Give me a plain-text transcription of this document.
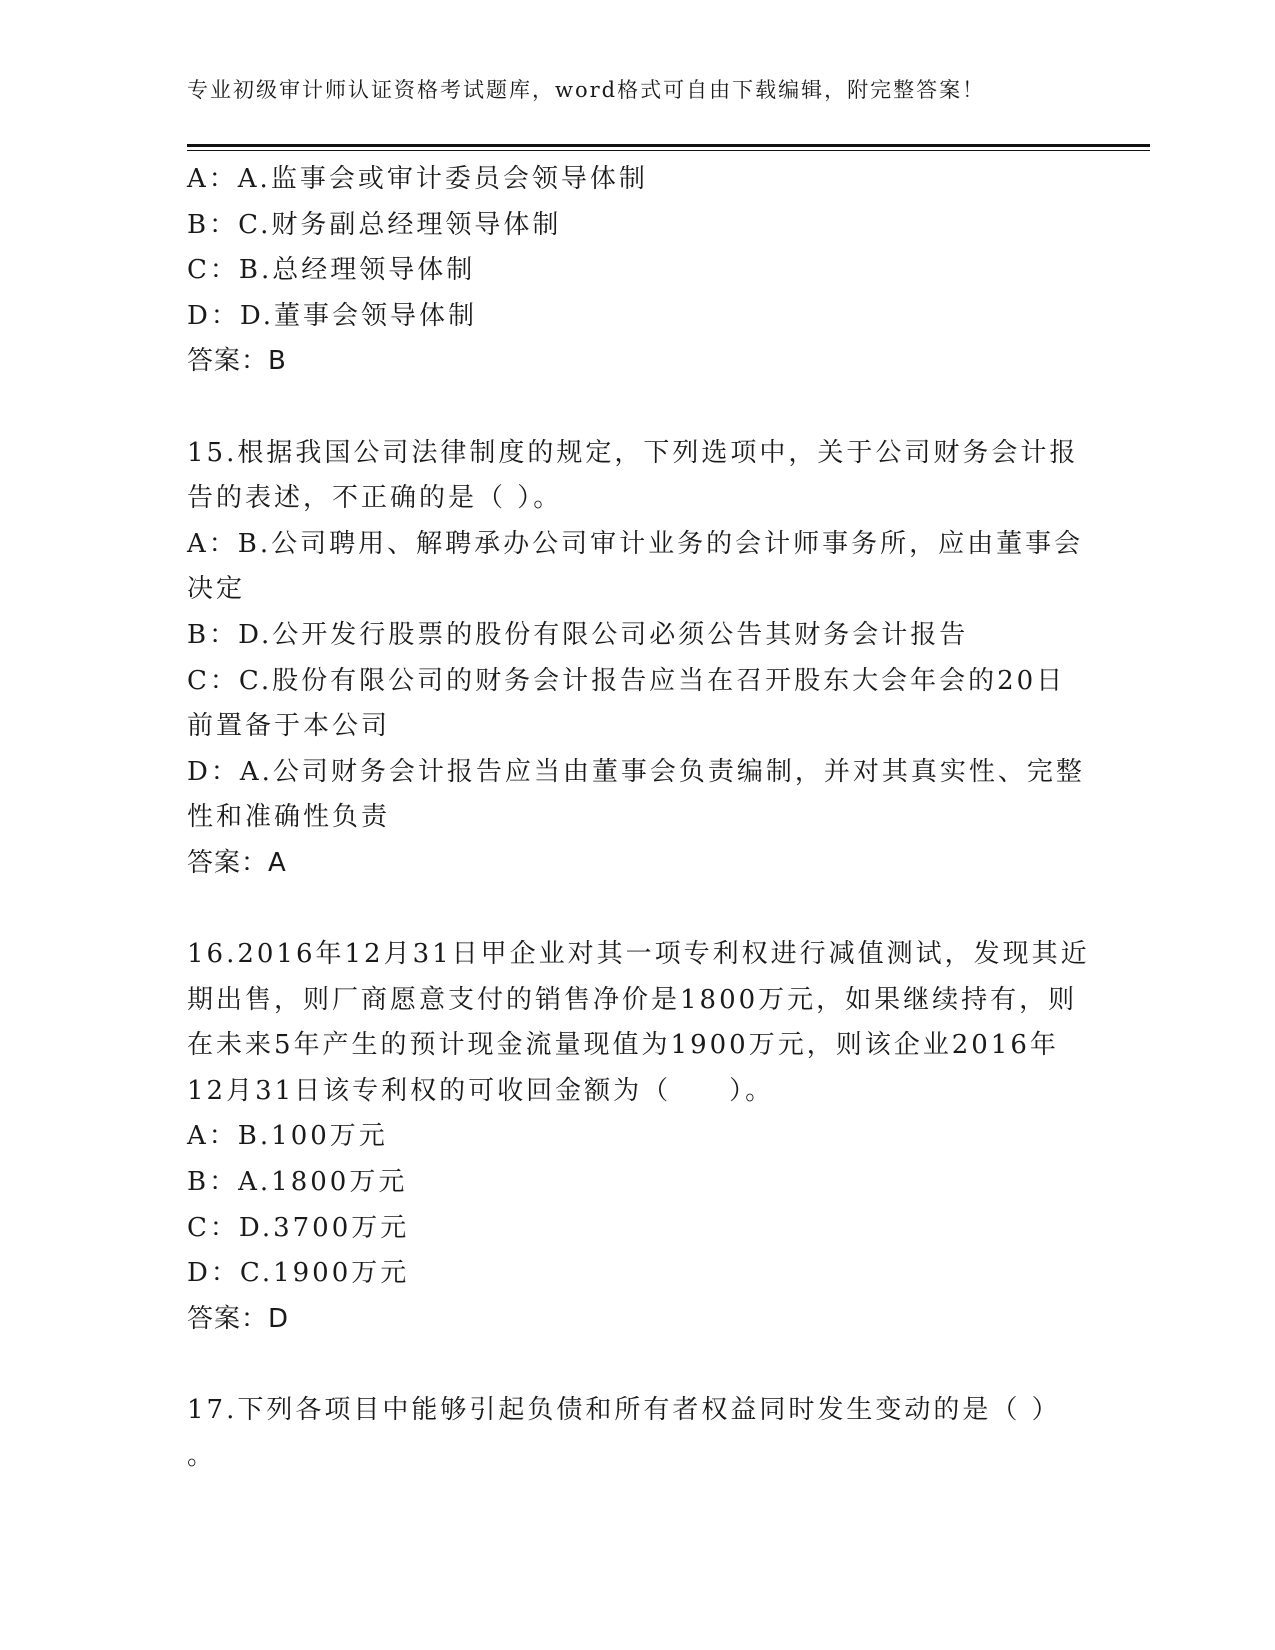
专业初级审计师认证资格考试题库，word格式可自由下载编辑，附完整答案！
A：A.监事会或审计委员会领导体制
B：C.财务副总经理领导体制
C：B.总经理领导体制
D：D.董事会领导体制
答案：B
15.根据我国公司法律制度的规定，下列选项中，关于公司财务会计报
告的表述，不正确的是（ ）。
A：B.公司聘用、解聘承办公司审计业务的会计师事务所，应由董事会
决定
B：D.公开发行股票的股份有限公司必须公告其财务会计报告
C：C.股份有限公司的财务会计报告应当在召开股东大会年会的20日
前置备于本公司
D：A.公司财务会计报告应当由董事会负责编制，并对其真实性、完整
性和准确性负责
答案：A
16.2016年12月31日甲企业对其一项专利权进行减值测试，发现其近
期出售，则厂商愿意支付的销售净价是1800万元，如果继续持有，则
在未来5年产生的预计现金流量现值为1900万元，则该企业2016年
12月31日该专利权的可收回金额为（　　）。
A：B.100万元
B：A.1800万元
C：D.3700万元
D：C.1900万元
答案：D
17.下列各项目中能够引起负债和所有者权益同时发生变动的是（ ）
。
